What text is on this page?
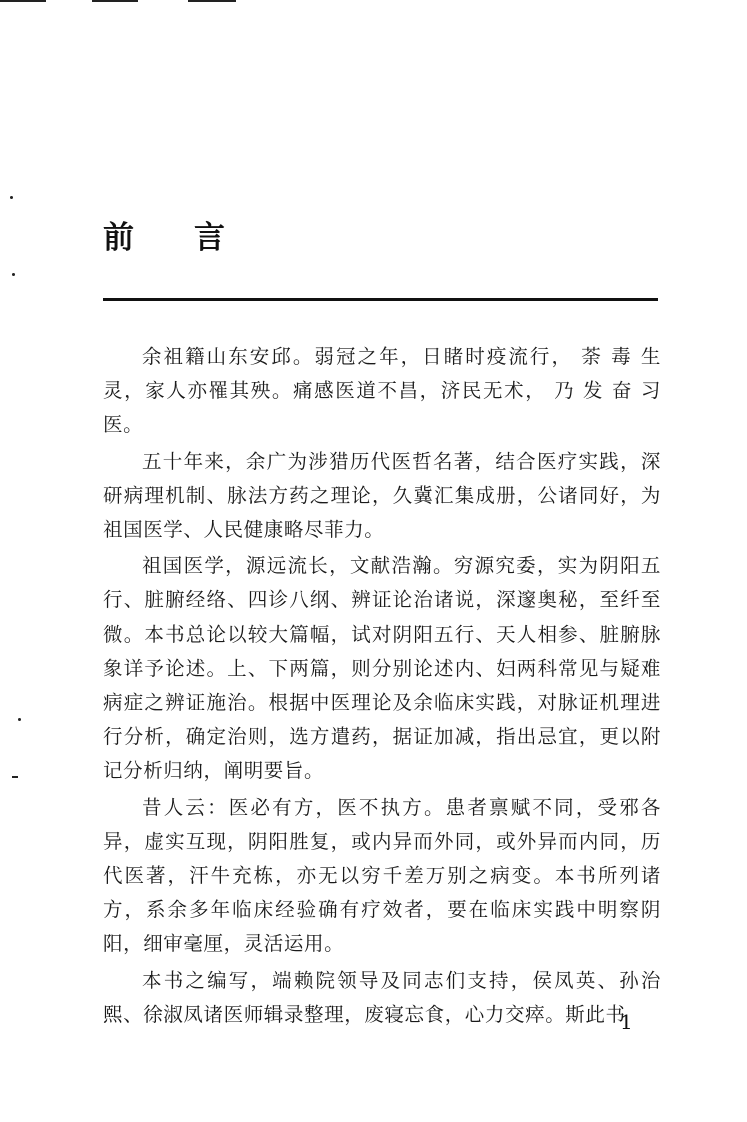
前 言

余祖籍山东安邱。弱冠之年，日睹时疫流行， 荼 毒 生灵，家人亦罹其殃。痛感医道不昌，济民无术， 乃 发 奋 习医。

五十年来，余广为涉猎历代医哲名著，结合医疗实践，深研病理机制、脉法方药之理论，久冀汇集成册，公诸同好，为祖国医学、人民健康略尽菲力。

祖国医学，源远流长，文献浩瀚。穷源究委，实为阴阳五行、脏腑经络、四诊八纲、辨证论治诸说，深邃奥秘，至纤至微。本书总论以较大篇幅，试对阴阳五行、天人相参、脏腑脉象详予论述。上、下两篇，则分别论述内、妇两科常见与疑难病症之辨证施治。根据中医理论及余临床实践，对脉证机理进行分析，确定治则，选方遣药，据证加减，指出忌宜，更以附记分析归纳，阐明要旨。

昔人云：医必有方，医不执方。患者禀赋不同，受邪各异，虚实互现，阴阳胜复，或内异而外同，或外异而内同，历代医著，汗牛充栋，亦无以穷千差万别之病变。本书所列诸方，系余多年临床经验确有疗效者，要在临床实践中明察阴阳，细审毫厘，灵活运用。

本书之编写，端赖院领导及同志们支持，侯凤英、孙治熙、徐淑凤诸医师辑录整理，废寝忘食，心力交瘁。斯此书

1
